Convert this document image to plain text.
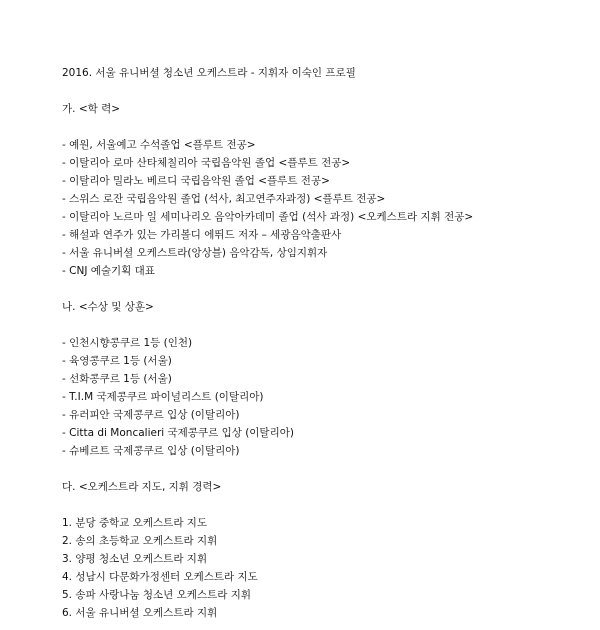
2016. 서울 유니버셜 청소년 오케스트라 - 지휘자 이숙인 프로필
가. <학 력>
- 예원, 서울예고 수석졸업 <플루트 전공>
- 이탈리아 로마 산타체칠리아 국립음악원 졸업 <플루트 전공>
- 이탈리아 밀라노 베르디 국립음악원 졸업 <플루트 전공>
- 스위스 로잔 국립음악원 졸업 (석사, 최고연주자과정) <플루트 전공>
- 이탈리아 노르마 일 세미나리오 음악아카데미 졸업 (석사 과정) <오케스트라 지휘 전공>
- 해설과 연주가 있는 가리볼디 에뛰드 저자 – 세광음악출판사
- 서울 유니버셜 오케스트라(앙상블) 음악감독, 상임지휘자
- CNJ 예술기획 대표
나. <수상 및 상훈>
- 인천시향콩쿠르 1등 (인천)
- 육영콩쿠르 1등 (서울)
- 선화콩쿠르 1등 (서울)
- T.I.M 국제콩쿠르 파이널리스트 (이탈리아)
- 유러피안 국제콩쿠르 입상 (이탈리아)
- Citta di Moncalieri 국제콩쿠르 입상 (이탈리아)
- 슈베르트 국제콩쿠르 입상 (이탈리아)
다. <오케스트라 지도, 지휘 경력>
1. 분당 중학교 오케스트라 지도
2. 송의 초등학교 오케스트라 지휘
3. 양평 청소년 오케스트라 지휘
4. 성남시 다문화가정센터 오케스트라 지도
5. 송파 사랑나눔 청소년 오케스트라 지휘
6. 서울 유니버셜 오케스트라 지휘
